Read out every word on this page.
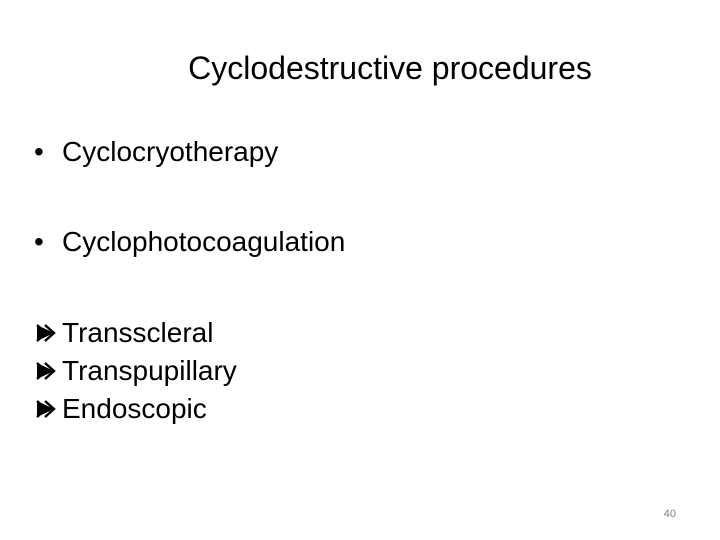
Cyclodestructive procedures
• Cyclocryotherapy
• Cyclophotocoagulation
Transscleral
Transpupillary
Endoscopic
40
